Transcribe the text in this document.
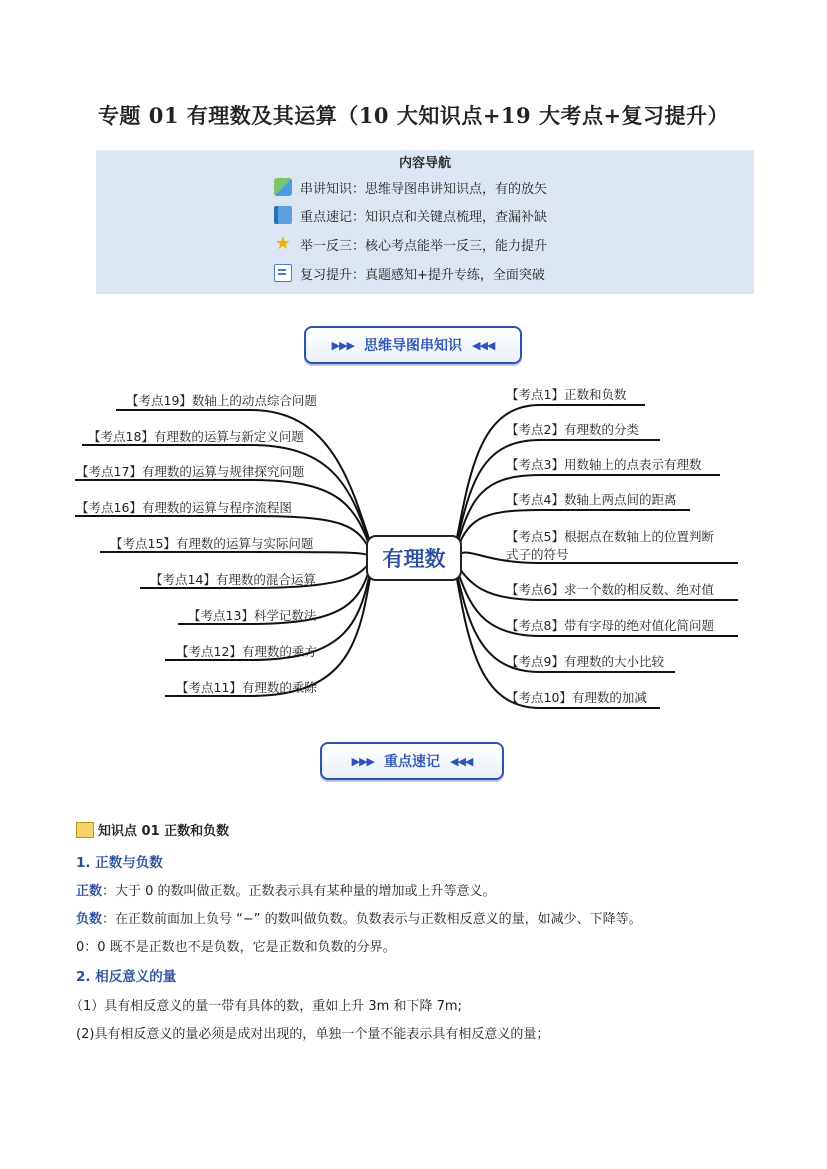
专题 01 有理数及其运算（10 大知识点+19 大考点+复习提升）
内容导航
串讲知识：思维导图串讲知识点，有的放矢
重点速记：知识点和关键点梳理，查漏补缺
★ 举一反三：核心考点能举一反三，能力提升
复习提升：真题感知+提升专练，全面突破
▶▶▶ 思维导图串知识 ◀◀◀
有理数
【考点19】数轴上的动点综合问题
【考点18】有理数的运算与新定义问题
【考点17】有理数的运算与规律探究问题
【考点16】有理数的运算与程序流程图
【考点15】有理数的运算与实际问题
【考点14】有理数的混合运算
【考点13】科学记数法
【考点12】有理数的乘方
【考点11】有理数的乘除
【考点1】正数和负数
【考点2】有理数的分类
【考点3】用数轴上的点表示有理数
【考点4】数轴上两点间的距离
【考点5】根据点在数轴上的位置判断
式子的符号
【考点6】求一个数的相反数、绝对值
【考点8】带有字母的绝对值化简问题
【考点9】有理数的大小比较
【考点10】有理数的加减
▶▶▶ 重点速记 ◀◀◀
知识点 01 正数和负数
1. 正数与负数
正数：大于 0 的数叫做正数。正数表示具有某种量的增加或上升等意义。
负数：在正数前面加上负号 “−” 的数叫做负数。负数表示与正数相反意义的量，如减少、下降等。
0：0 既不是正数也不是负数，它是正数和负数的分界。
2. 相反意义的量
（1）具有相反意义的量一带有具体的数，重如上升 3m 和下降 7m;
(2)具有相反意义的量必须是成对出现的，单独一个量不能表示具有相反意义的量；
